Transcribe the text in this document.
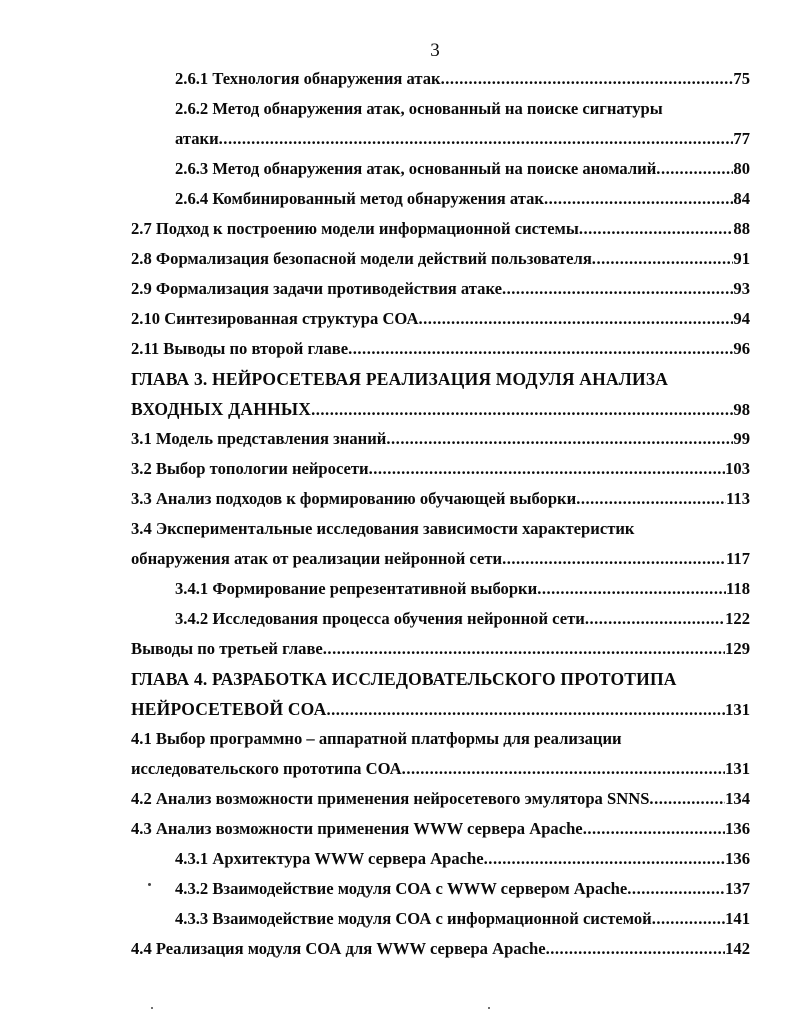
3
2.6.1 Технология обнаружения атак .....	75
2.6.2 Метод обнаружения атак, основанный на поиске сигнатуры
атаки .....	77
2.6.3 Метод обнаружения атак, основанный на поиске аномалий .....	80
2.6.4 Комбинированный метод обнаружения атак .....	84
2.7 Подход к построению модели информационной системы .....	88
2.8 Формализация безопасной модели действий пользователя .....	91
2.9 Формализация задачи противодействия атаке .....	93
2.10 Синтезированная структура СОА .....	94
2.11 Выводы по второй главе .....	96
ГЛАВА 3. НЕЙРОСЕТЕВАЯ РЕАЛИЗАЦИЯ МОДУЛЯ АНАЛИЗА
ВХОДНЫХ ДАННЫХ .....	98
3.1 Модель представления знаний .....	99
3.2 Выбор топологии нейросети .....	103
3.3 Анализ подходов к формированию обучающей выборки .....	113
3.4 Экспериментальные исследования зависимости характеристик
обнаружения атак от реализации нейронной сети .....	117
3.4.1 Формирование репрезентативной выборки .....	118
3.4.2 Исследования процесса обучения нейронной сети .....	122
Выводы по третьей главе .....	129
ГЛАВА 4. РАЗРАБОТКА ИССЛЕДОВАТЕЛЬСКОГО ПРОТОТИПА
НЕЙРОСЕТЕВОЙ СОА .....	131
4.1 Выбор программно – аппаратной платформы для реализации
исследовательского прототипа СОА .....	131
4.2 Анализ возможности применения нейросетевого эмулятора SNNS .....	134
4.3 Анализ возможности применения WWW сервера Apache .....	136
4.3.1 Архитектура WWW сервера Apache .....	136
4.3.2 Взаимодействие модуля СОА с WWW сервером Apache .....	137
4.3.3 Взаимодействие модуля СОА с информационной системой .....	141
4.4 Реализация модуля СОА для WWW сервера Apache .....	142
